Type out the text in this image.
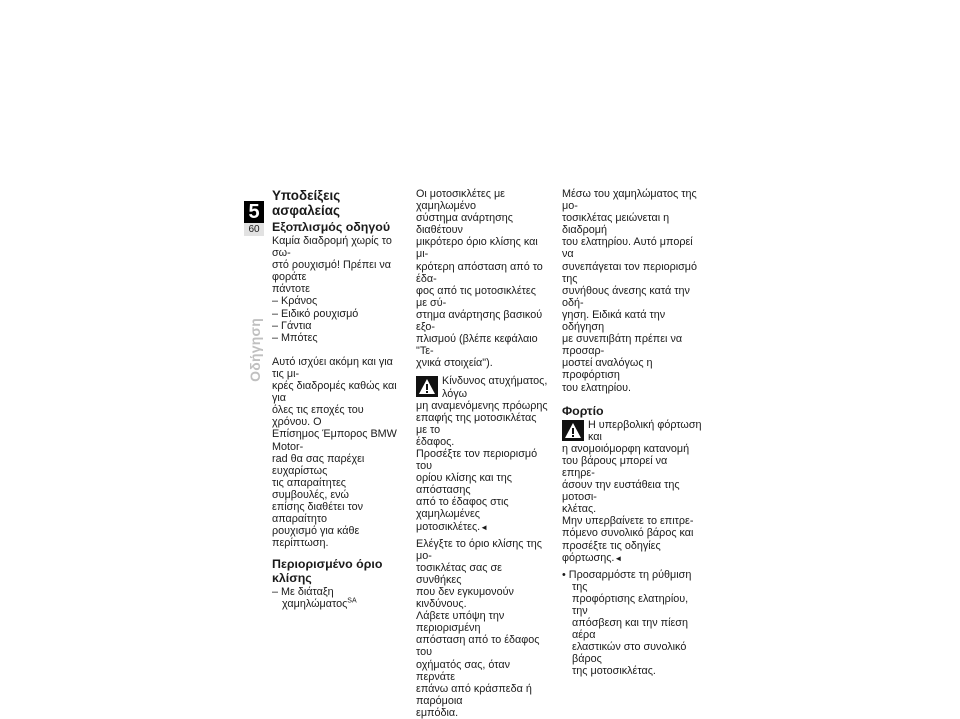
5
60
Οδήγηση
Υποδείξεις ασφαλείας
Εξοπλισμός οδηγού

Καμία διαδρομή χωρίς το σω-
στό ρουχισμό! Πρέπει να φοράτε
πάντοτε

– Κράνος

– Ειδικό ρουχισμό

– Γάντια

– Μπότες

Αυτό ισχύει ακόμη και για τις μι-
κρές διαδρομές καθώς και για
όλες τις εποχές του χρόνου. Ο
Επίσημος Έμπορος BMW Motor-
rad θα σας παρέχει ευχαρίστως
τις απαραίτητες συμβουλές, ενώ
επίσης διαθέτει τον απαραίτητο
ρουχισμό για κάθε περίπτωση.

Περιορισμένο όριο κλίσης

– Με διάταξη χαμηλώματος$^{SA}$

Οι μοτοσικλέτες με χαμηλωμένο
σύστημα ανάρτησης διαθέτουν
μικρότερο όριο κλίσης και μι-
κρότερη απόσταση από το έδα-
φος από τις μοτοσικλέτες με σύ-
στημα ανάρτησης βασικού εξο-
πλισμού (βλέπε κεφάλαιο "Τε-
χνικά στοιχεία").

Κίνδυνος ατυχήματος, λόγω
μη αναμενόμενης πρόωρης
επαφής της μοτοσικλέτας με το
έδαφος.

Προσέξτε τον περιορισμό του
ορίου κλίσης και της απόστασης
από το έδαφος στις χαμηλωμένες
μοτοσικλέτες.◄

Ελέγξτε το όριο κλίσης της μο-
τοσικλέτας σας σε συνθήκες
που δεν εγκυμονούν κινδύνους.
Λάβετε υπόψη την περιορισμένη
απόσταση από το έδαφος του
οχήματός σας, όταν περνάτε
επάνω από κράσπεδα ή παρόμοια
εμπόδια.

Μέσω του χαμηλώματος της μο-
τοσικλέτας μειώνεται η διαδρομή
του ελατηρίου. Αυτό μπορεί να
συνεπάγεται τον περιορισμό της
συνήθους άνεσης κατά την οδή-
γηση. Ειδικά κατά την οδήγηση
με συνεπιβάτη πρέπει να προσαρ-
μοστεί αναλόγως η προφόρτιση
του ελατηρίου.

Φορτίο

Η υπερβολική φόρτωση και
η ανομοιόμορφη κατανομή
του βάρους μπορεί να επηρε-
άσουν την ευστάθεια της μοτοσι-
κλέτας.

Μην υπερβαίνετε το επιτρε-
πόμενο συνολικό βάρος και
προσέξτε τις οδηγίες φόρτωσης.◄

• Προσαρμόστε τη ρύθμιση της
προφόρτισης ελατηρίου, την
απόσβεση και την πίεση αέρα
ελαστικών στο συνολικό βάρος
της μοτοσικλέτας.
